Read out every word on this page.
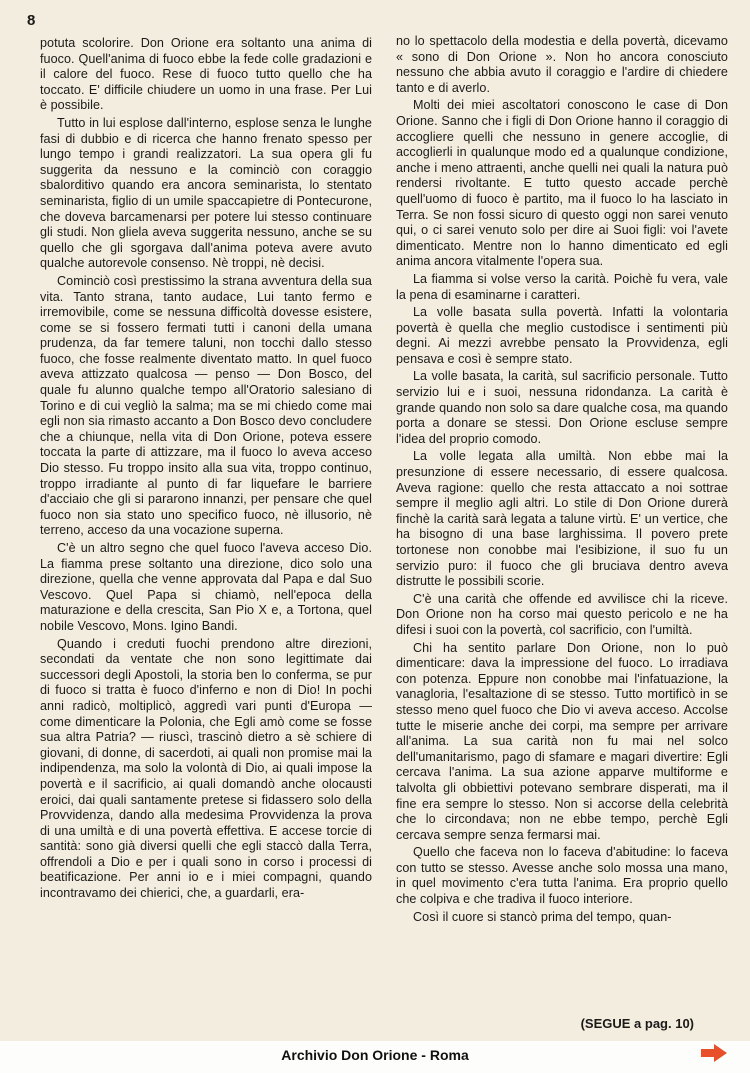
8

potuta scolorire. Don Orione era soltanto una anima di fuoco. Quell'anima di fuoco ebbe la fede colle gradazioni e il calore del fuoco. Rese di fuoco tutto quello che ha toccato. E' difficile chiudere un uomo in una frase. Per Lui è possibile.

Tutto in lui esplose dall'interno, esplose senza le lunghe fasi di dubbio e di ricerca che hanno frenato spesso per lungo tempo i grandi realizzatori. La sua opera gli fu suggerita da nessuno e la cominciò con coraggio sbalorditivo quando era ancora seminarista, lo stentato seminarista, figlio di un umile spaccapietre di Pontecurone, che doveva barcamenarsi per potere lui stesso continuare gli studi. Non gliela aveva suggerita nessuno, anche se su quello che gli sgorgava dall'anima poteva avere avuto qualche autorevole consenso. Nè troppi, nè decisi.

Cominciò così prestissimo la strana avventura della sua vita. Tanto strana, tanto audace, Lui tanto fermo e irremovibile, come se nessuna difficoltà dovesse esistere, come se si fossero fermati tutti i canoni della umana prudenza, da far temere taluni, non tocchi dallo stesso fuoco, che fosse realmente diventato matto. In quel fuoco aveva attizzato qualcosa — penso — Don Bosco, del quale fu alunno qualche tempo all'Oratorio salesiano di Torino e di cui vegliò la salma; ma se mi chiedo come mai egli non sia rimasto accanto a Don Bosco devo concludere che a chiunque, nella vita di Don Orione, poteva essere toccata la parte di attizzare, ma il fuoco lo aveva acceso Dio stesso. Fu troppo insito alla sua vita, troppo continuo, troppo irradiante al punto di far liquefare le barriere d'acciaio che gli si pararono innanzi, per pensare che quel fuoco non sia stato uno specifico fuoco, nè illusorio, nè terreno, acceso da una vocazione superna.

C'è un altro segno che quel fuoco l'aveva acceso Dio. La fiamma prese soltanto una direzione, dico solo una direzione, quella che venne approvata dal Papa e dal Suo Vescovo. Quel Papa si chiamò, nell'epoca della maturazione e della crescita, San Pio X e, a Tortona, quel nobile Vescovo, Mons. Igino Bandi.

Quando i creduti fuochi prendono altre direzioni, secondati da ventate che non sono legittimate dai successori degli Apostoli, la storia ben lo conferma, se pur di fuoco si tratta è fuoco d'inferno e non di Dio! In pochi anni radicò, moltiplicò, aggredì vari punti d'Europa — come dimenticare la Polonia, che Egli amò come se fosse sua altra Patria? — riuscì, trascinò dietro a sè schiere di giovani, di donne, di sacerdoti, ai quali non promise mai la indipendenza, ma solo la volontà di Dio, ai quali impose la povertà e il sacrificio, ai quali domandò anche olocausti eroici, dai quali santamente pretese si fidassero solo della Provvidenza, dando alla medesima Provvidenza la prova di una umiltà e di una povertà effettiva. E accese torcie di santità: sono già diversi quelli che egli staccò dalla Terra, offrendoli a Dio e per i quali sono in corso i processi di beatificazione. Per anni io e i miei compagni, quando incontravamo dei chierici, che, a guardarli, era-

no lo spettacolo della modestia e della povertà, dicevamo « sono di Don Orione ». Non ho ancora conosciuto nessuno che abbia avuto il coraggio e l'ardire di chiedere tanto e di averlo.

Molti dei miei ascoltatori conoscono le case di Don Orione. Sanno che i figli di Don Orione hanno il coraggio di accogliere quelli che nessuno in genere accoglie, di accoglierli in qualunque modo ed a qualunque condizione, anche i meno attraenti, anche quelli nei quali la natura può rendersi rivoltante. E tutto questo accade perchè quell'uomo di fuoco è partito, ma il fuoco lo ha lasciato in Terra. Se non fossi sicuro di questo oggi non sarei venuto qui, o ci sarei venuto solo per dire ai Suoi figli: voi l'avete dimenticato. Mentre non lo hanno dimenticato ed egli anima ancora vitalmente l'opera sua.

La fiamma si volse verso la carità. Poichè fu vera, vale la pena di esaminarne i caratteri.

La volle basata sulla povertà. Infatti la volontaria povertà è quella che meglio custodisce i sentimenti più degni. Ai mezzi avrebbe pensato la Provvidenza, egli pensava e così è sempre stato.

La volle basata, la carità, sul sacrificio personale. Tutto servizio lui e i suoi, nessuna ridondanza. La carità è grande quando non solo sa dare qualche cosa, ma quando porta a donare se stessi. Don Orione escluse sempre l'idea del proprio comodo.

La volle legata alla umiltà. Non ebbe mai la presunzione di essere necessario, di essere qualcosa. Aveva ragione: quello che resta attaccato a noi sottrae sempre il meglio agli altri. Lo stile di Don Orione durerà finchè la carità sarà legata a talune virtù. E' un vertice, che ha bisogno di una base larghissima. Il povero prete tortonese non conobbe mai l'esibizione, il suo fu un servizio puro: il fuoco che gli bruciava dentro aveva distrutte le possibili scorie.

C'è una carità che offende ed avvilisce chi la riceve. Don Orione non ha corso mai questo pericolo e ne ha difesi i suoi con la povertà, col sacrificio, con l'umiltà.

Chi ha sentito parlare Don Orione, non lo può dimenticare: dava la impressione del fuoco. Lo irradiava con potenza. Eppure non conobbe mai l'infatuazione, la vanagloria, l'esaltazione di se stesso. Tutto mortificò in se stesso meno quel fuoco che Dio vi aveva acceso. Accolse tutte le miserie anche dei corpi, ma sempre per arrivare all'anima. La sua carità non fu mai nel solco dell'umanitarismo, pago di sfamare e magari divertire: Egli cercava l'anima. La sua azione apparve multiforme e talvolta gli obbiettivi potevano sembrare disperati, ma il fine era sempre lo stesso. Non si accorse della celebrità che lo circondava; non ne ebbe tempo, perchè Egli cercava sempre senza fermarsi mai.

Quello che faceva non lo faceva d'abitudine: lo faceva con tutto se stesso. Avesse anche solo mossa una mano, in quel movimento c'era tutta l'anima. Era proprio quello che colpiva e che tradiva il fuoco interiore.

Così il cuore si stancò prima del tempo, quan-

(SEGUE a pag. 10)
Archivio Don Orione - Roma
